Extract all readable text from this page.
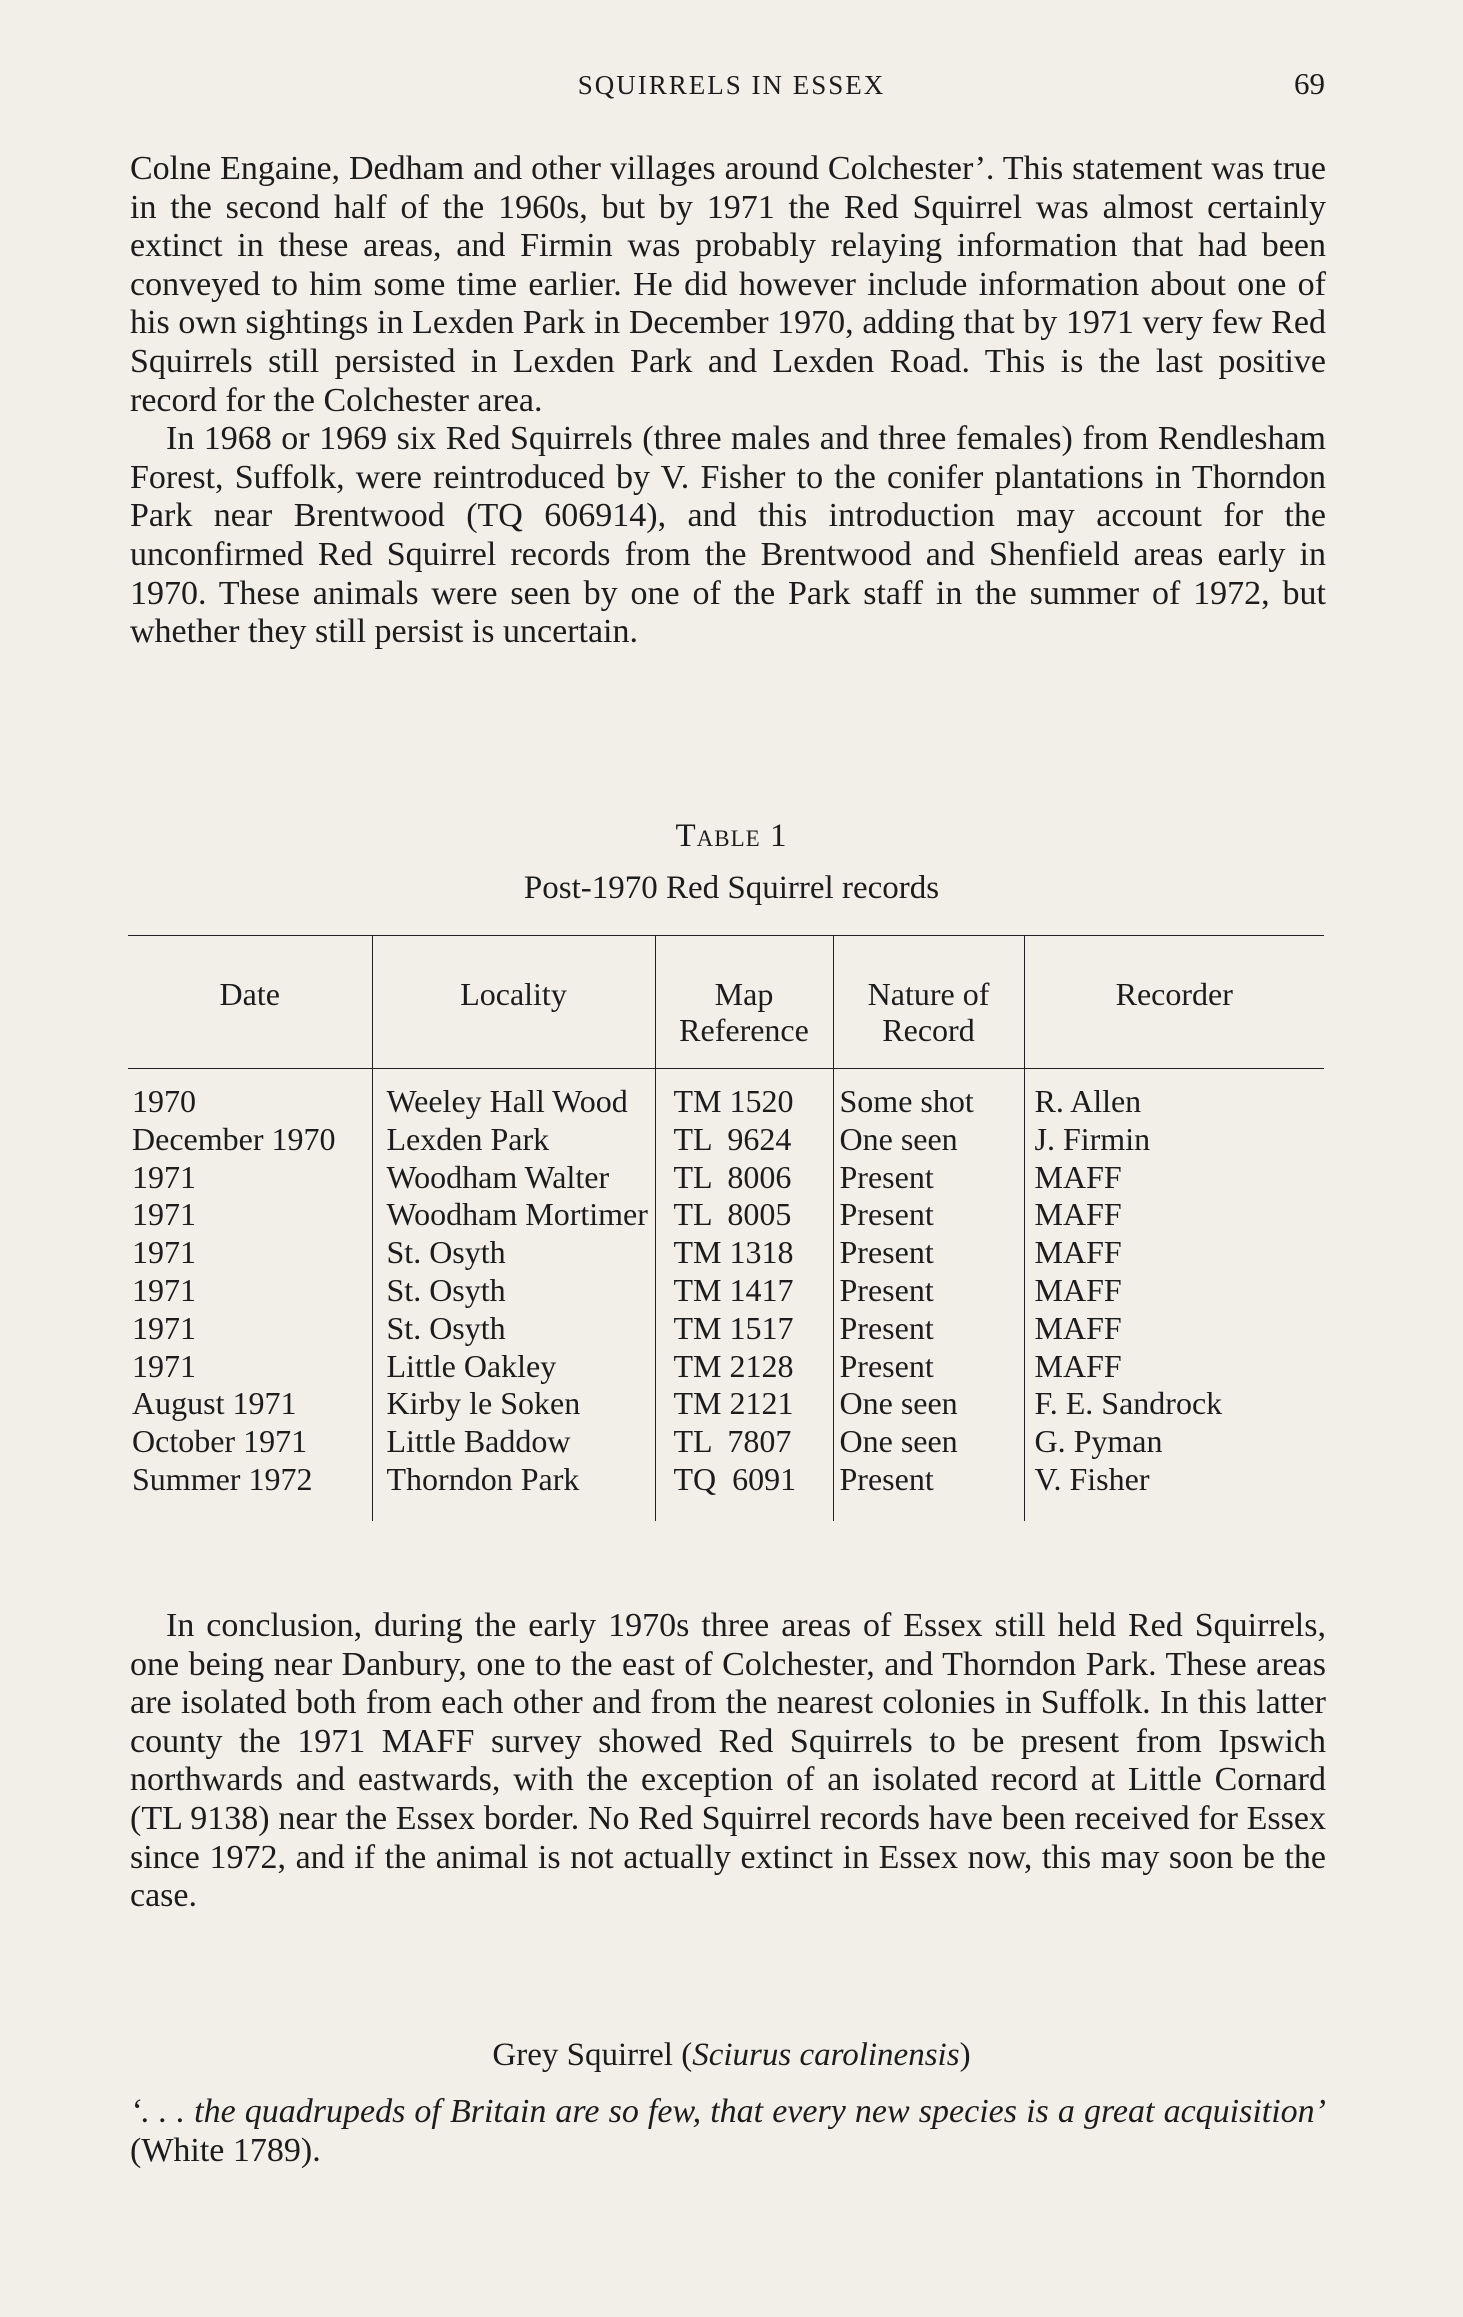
SQUIRRELS IN ESSEX	69

Colne Engaine, Dedham and other villages around Colchester’. This statement was true in the second half of the 1960s, but by 1971 the Red Squirrel was almost certainly extinct in these areas, and Firmin was probably relaying information that had been conveyed to him some time earlier. He did however include information about one of his own sightings in Lexden Park in December 1970, adding that by 1971 very few Red Squirrels still persisted in Lexden Park and Lexden Road. This is the last positive record for the Colchester area.

In 1968 or 1969 six Red Squirrels (three males and three females) from Rendlesham Forest, Suffolk, were reintroduced by V. Fisher to the conifer plantations in Thorndon Park near Brentwood (TQ 606914), and this introduction may account for the unconfirmed Red Squirrel records from the Brentwood and Shenfield areas early in 1970. These animals were seen by one of the Park staff in the summer of 1972, but whether they still persist is uncertain.

Table 1
Post-1970 Red Squirrel records
Date	Locality	Map Reference	Nature of Record	Recorder
1970	Weeley Hall Wood	TM 1520	Some shot	R. Allen
December 1970	Lexden Park	TL  9624	One seen	J. Firmin
1971	Woodham Walter	TL  8006	Present	MAFF
1971	Woodham Mortimer	TL  8005	Present	MAFF
1971	St. Osyth	TM 1318	Present	MAFF
1971	St. Osyth	TM 1417	Present	MAFF
1971	St. Osyth	TM 1517	Present	MAFF
1971	Little Oakley	TM 2128	Present	MAFF
August 1971	Kirby le Soken	TM 2121	One seen	F. E. Sandrock
October 1971	Little Baddow	TL  7807	One seen	G. Pyman
Summer 1972	Thorndon Park	TQ  6091	Present	V. Fisher

In conclusion, during the early 1970s three areas of Essex still held Red Squirrels, one being near Danbury, one to the east of Colchester, and Thorndon Park. These areas are isolated both from each other and from the nearest colonies in Suffolk. In this latter county the 1971 MAFF survey showed Red Squirrels to be present from Ipswich northwards and eastwards, with the exception of an isolated record at Little Cornard (TL 9138) near the Essex border. No Red Squirrel records have been received for Essex since 1972, and if the animal is not actually extinct in Essex now, this may soon be the case.

Grey Squirrel (Sciurus carolinensis)

‘. . . the quadrupeds of Britain are so few, that every new species is a great acquisition’ (White 1789).
